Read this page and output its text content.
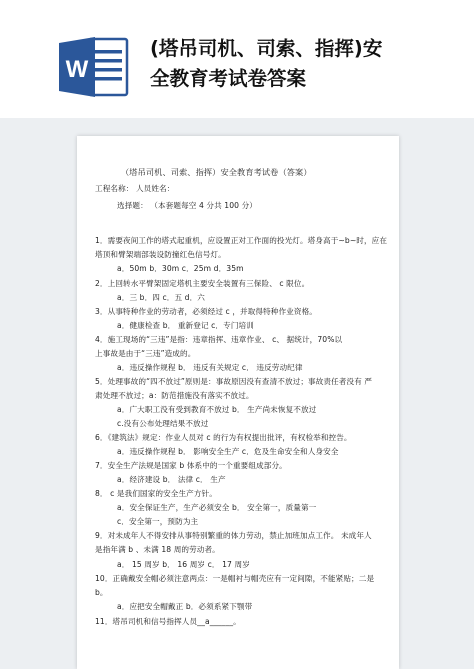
W
(塔吊司机、司索、指挥)安
全教育考试卷答案
（塔吊司机、司索、指挥）安全教育考试卷（答案）
工程名称： 人员姓名：
选择题： （本套题每空 4 分共 100 分）
1．需要夜间工作的塔式起重机，应设置正对工作面的投光灯。塔身高于~b~时，应在
塔顶和臂架端部装设防撞红色信号灯。
a．50m b．30m c．25m d．35m
2．上回转水平臂架固定塔机主要安全装置有三保险、 c 限位。
a．三 b．四 c．五 d．六
3．从事特种作业的劳动者，必须经过 c ，并取得特种作业资格。
a．健康检查 b． 重新登记 c．专门培训
4．施工现场的“三违”是指：违章指挥、违章作业、 c、 据统计，70%以
上事故是由于“三违”造成的。
a．违反操作规程 b． 违反有关规定 c． 违反劳动纪律
5．处理事故的“四不放过”原则是：事故原因没有查清不放过；事故责任者没有 严
肃处理不放过；a：防范措施没有落实不放过。
a．广大职工没有受到教育不放过 b． 生产尚未恢复不放过
c.没有公布处理结果不放过
6．《建筑法》规定：作业人员对 c 的行为有权提出批评，有权检举和控告。
a．违反操作规程 b． 影响安全生产 c．危及生命安全和人身安全
7．安全生产法规是国家 b 体系中的一个重要组成部分。
a．经济建设 b． 法律 c． 生产
8． c 是我们国家的安全生产方针。
a．安全保证生产，生产必须安全 b． 安全第一，质量第一
c．安全第一，预防为主
9．对未成年人不得安排从事特别繁重的体力劳动，禁止加班加点工作。 未成年人
是指年满 b 、未满 18 周的劳动者。
a． 15 周岁 b． 16 周岁 c． 17 周岁
10．正确戴安全帽必须注意两点：一是帽衬与帽壳应有一定间隙，不能紧贴；二是
b。
a．应把安全帽戴正 b．必须系紧下颚带
11．塔吊司机和信号指挥人员__a______。
